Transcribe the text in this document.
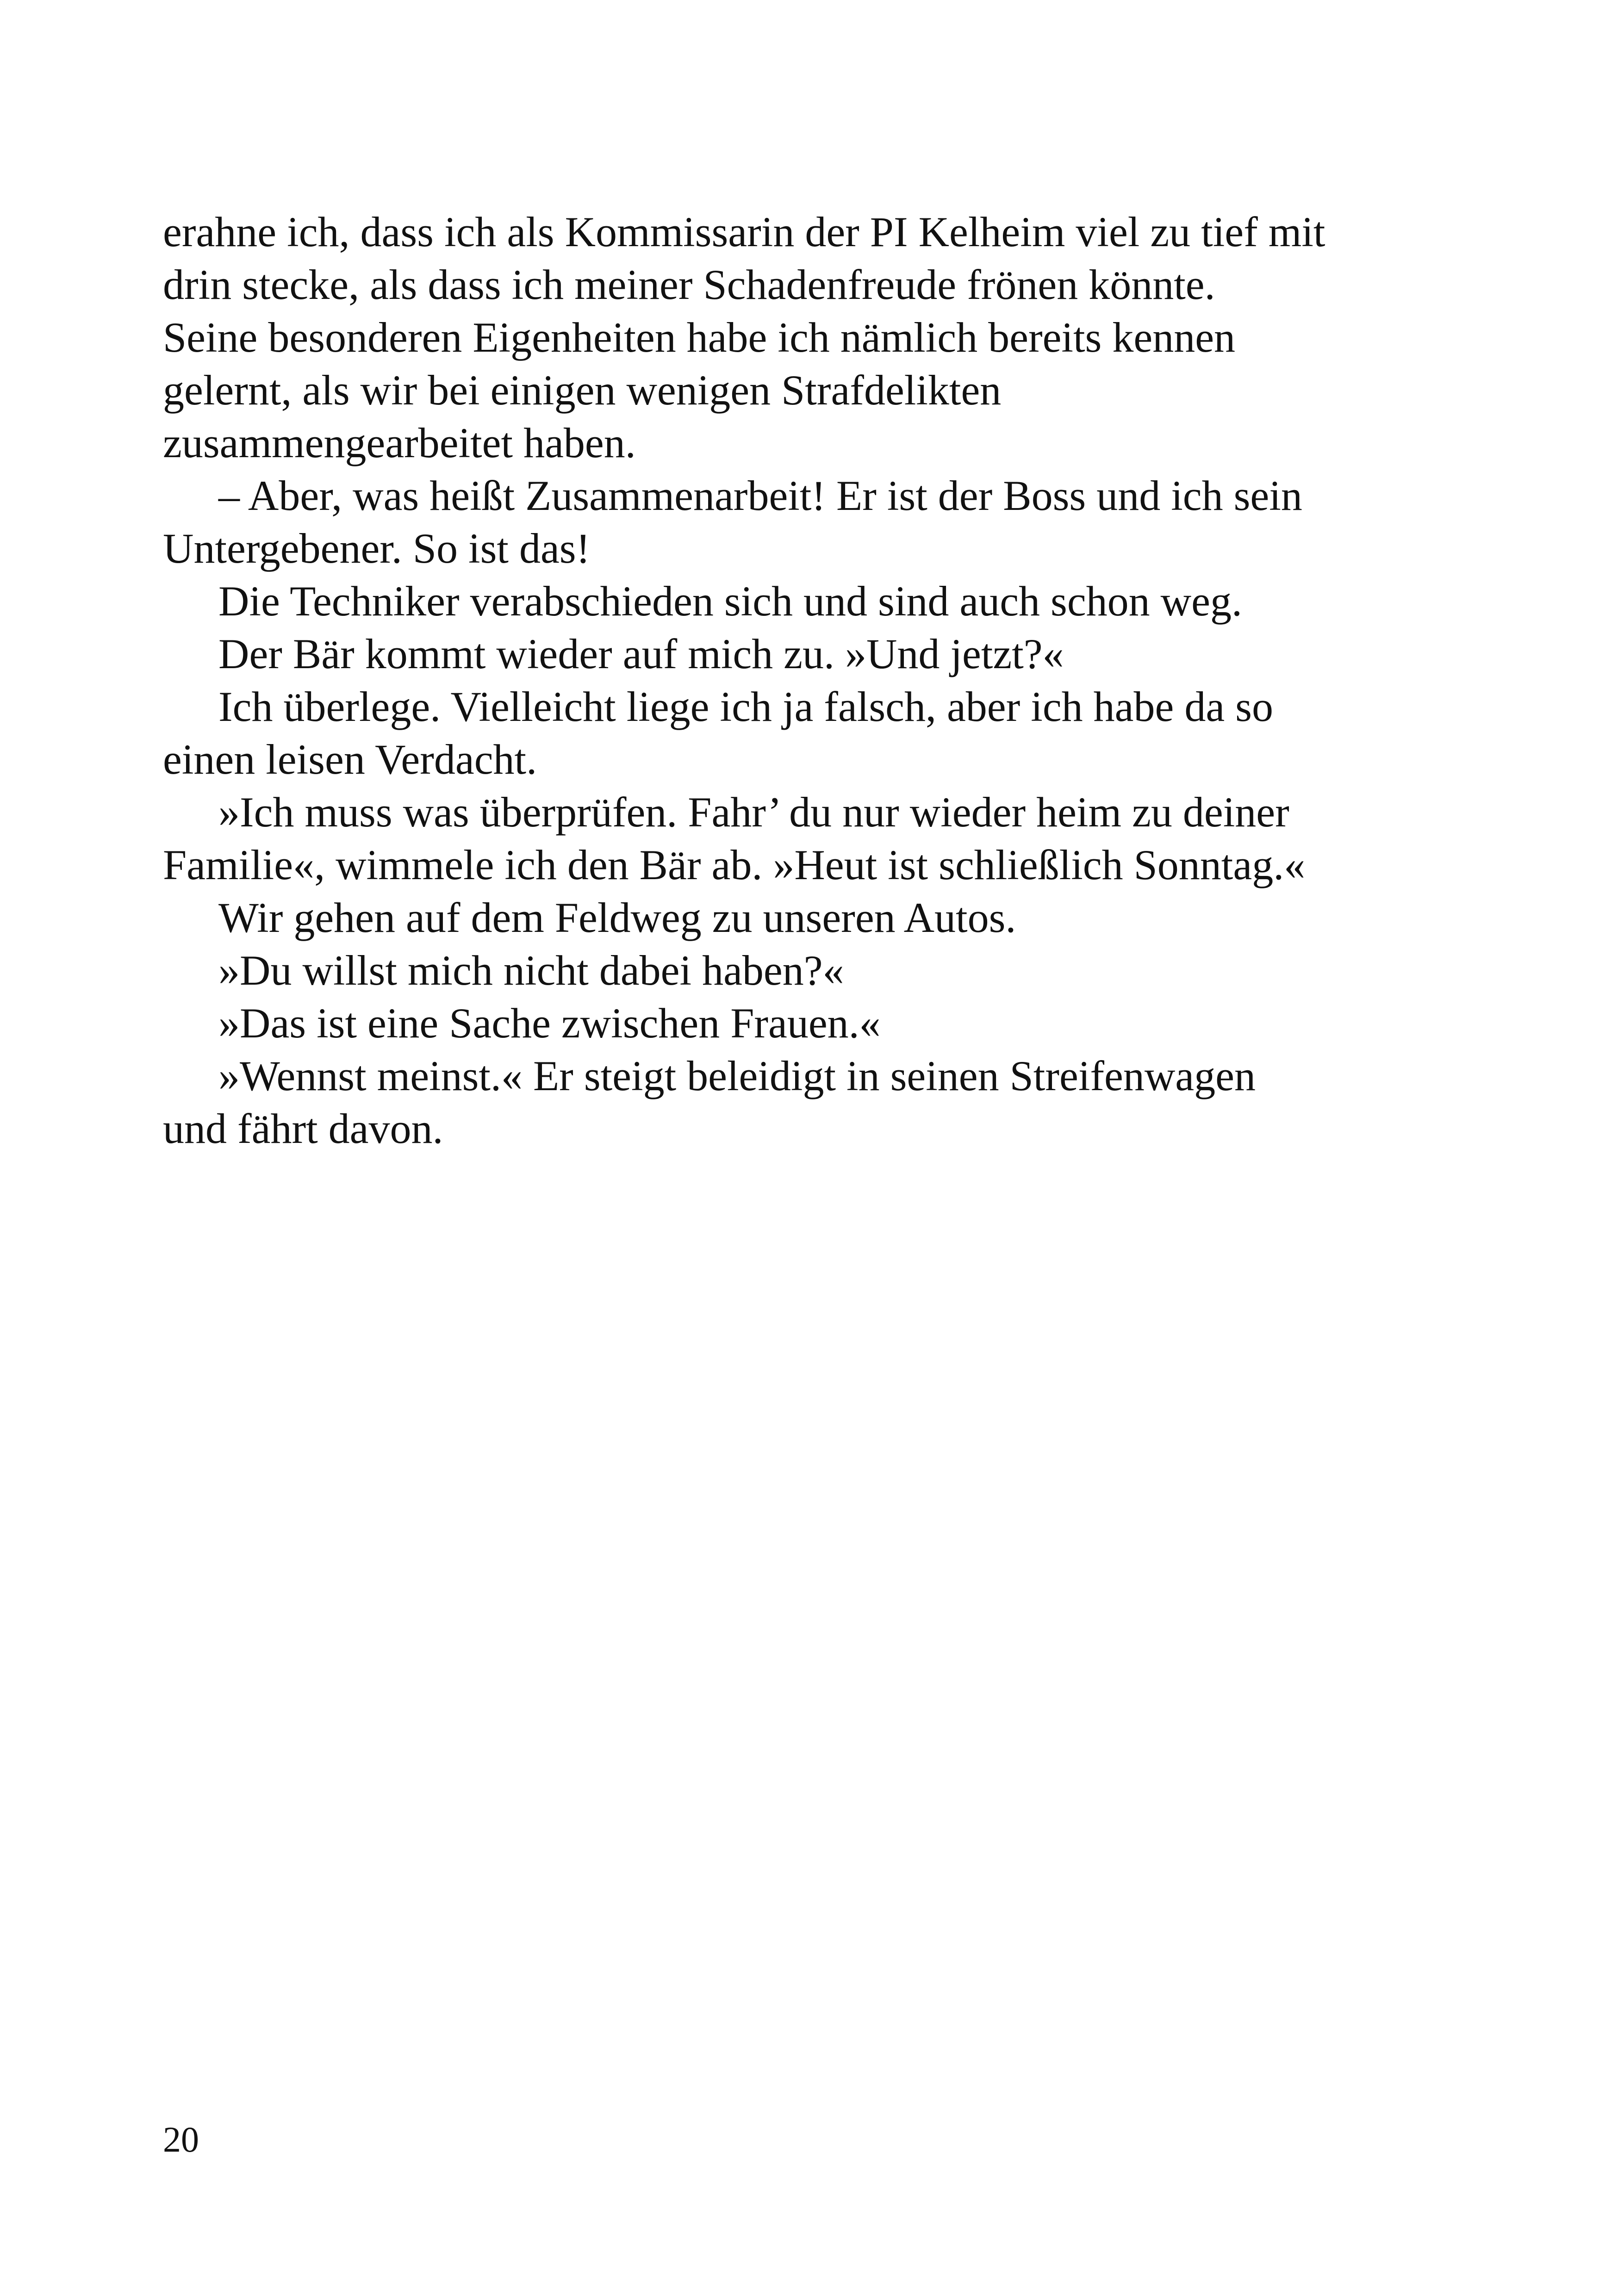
erahne ich, dass ich als Kommissarin der PI Kelheim viel zu tief mit
drin stecke, als dass ich meiner Schadenfreude frönen könnte.
Seine besonderen Eigenheiten habe ich nämlich bereits kennen
gelernt, als wir bei einigen wenigen Strafdelikten
zusammengearbeitet haben.
– Aber, was heißt Zusammenarbeit! Er ist der Boss und ich sein
Untergebener. So ist das!
Die Techniker verabschieden sich und sind auch schon weg.
Der Bär kommt wieder auf mich zu. »Und jetzt?«
Ich überlege. Vielleicht liege ich ja falsch, aber ich habe da so
einen leisen Verdacht.
»Ich muss was überprüfen. Fahr’ du nur wieder heim zu deiner
Familie«, wimmele ich den Bär ab. »Heut ist schließlich Sonntag.«
Wir gehen auf dem Feldweg zu unseren Autos.
»Du willst mich nicht dabei haben?«
»Das ist eine Sache zwischen Frauen.«
»Wennst meinst.« Er steigt beleidigt in seinen Streifenwagen
und fährt davon.
20
